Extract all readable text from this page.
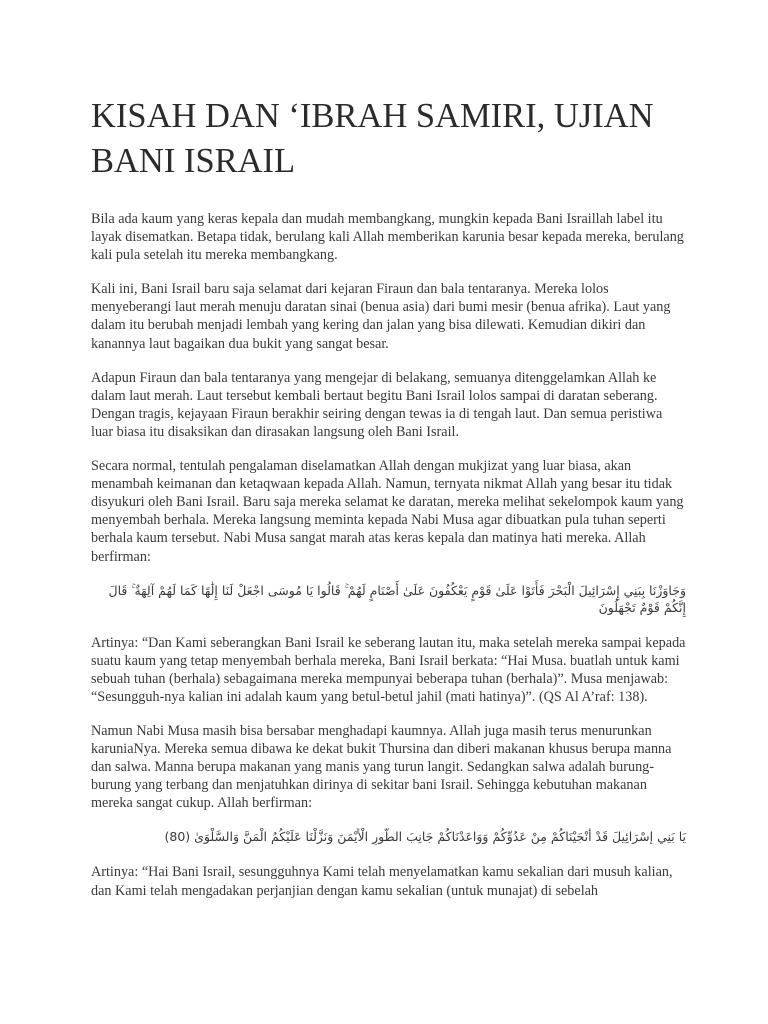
KISAH DAN ‘IBRAH SAMIRI, UJIAN BANI ISRAIL

Bila ada kaum yang keras kepala dan mudah membangkang, mungkin kepada Bani Israillah label itu layak disematkan. Betapa tidak, berulang kali Allah memberikan karunia besar kepada mereka, berulang kali pula setelah itu mereka membangkang.

Kali ini, Bani Israil baru saja selamat dari kejaran Firaun dan bala tentaranya. Mereka lolos menyeberangi laut merah menuju daratan sinai (benua asia) dari bumi mesir (benua afrika). Laut yang dalam itu berubah menjadi lembah yang kering dan jalan yang bisa dilewati. Kemudian dikiri dan kanannya laut bagaikan dua bukit yang sangat besar.

Adapun Firaun dan bala tentaranya yang mengejar di belakang, semuanya ditenggelamkan Allah ke dalam laut merah. Laut tersebut kembali bertaut begitu Bani Israil lolos sampai di daratan seberang. Dengan tragis, kejayaan Firaun berakhir seiring dengan tewas ia di tengah laut. Dan semua peristiwa luar biasa itu disaksikan dan dirasakan langsung oleh Bani Israil.

Secara normal, tentulah pengalaman diselamatkan Allah dengan mukjizat yang luar biasa, akan menambah keimanan dan ketaqwaan kepada Allah. Namun, ternyata nikmat Allah yang besar itu tidak disyukuri oleh Bani Israil. Baru saja mereka selamat ke daratan, mereka melihat sekelompok kaum yang menyembah berhala. Mereka langsung meminta kepada Nabi Musa agar dibuatkan pula tuhan seperti berhala kaum tersebut. Nabi Musa sangat marah atas keras kepala dan matinya hati mereka. Allah berfirman:

وَجَاوَزْنَا بِبَنِي إِسْرَائِيلَ الْبَحْرَ فَأَتَوْا عَلَىٰ قَوْمٍ يَعْكُفُونَ عَلَىٰ أَصْنَامٍ لَهُمْ ۚ قَالُوا يَا مُوسَى اجْعَلْ لَنَا إِلَٰهًا كَمَا لَهُمْ آلِهَةٌ ۚ قَالَ إِنَّكُمْ قَوْمٌ تَجْهَلُونَ

Artinya: “Dan Kami seberangkan Bani Israil ke seberang lautan itu, maka setelah mereka sampai kepada suatu kaum yang tetap menyembah berhala mereka, Bani Israil berkata: “Hai Musa. buatlah untuk kami sebuah tuhan (berhala) sebagaimana mereka mempunyai beberapa tuhan (berhala)”. Musa menjawab: “Sesungguh-nya kalian ini adalah kaum yang betul-betul jahil (mati hatinya)”. (QS Al A’raf: 138).

Namun Nabi Musa masih bisa bersabar menghadapi kaumnya. Allah juga masih terus menurunkan karuniaNya. Mereka semua dibawa ke dekat bukit Thursina dan diberi makanan khusus berupa manna dan salwa. Manna berupa makanan yang manis yang turun langit. Sedangkan salwa adalah burung-burung yang terbang dan menjatuhkan dirinya di sekitar bani Israil. Sehingga kebutuhan makanan mereka sangat cukup. Allah berfirman:

يَا بَنِي إِسْرَائِيلَ قَدْ أَنْجَيْنَاكُمْ مِنْ عَدُوِّكُمْ وَوَاعَدْنَاكُمْ جَانِبَ الطُّورِ الْأَيْمَنَ وَنَزَّلْنَا عَلَيْكُمُ الْمَنَّ وَالسَّلْوَىٰ (80)

Artinya: “Hai Bani Israil, sesungguhnya Kami telah menyelamatkan kamu sekalian dari musuh kalian, dan Kami telah mengadakan perjanjian dengan kamu sekalian (untuk munajat) di sebelah
